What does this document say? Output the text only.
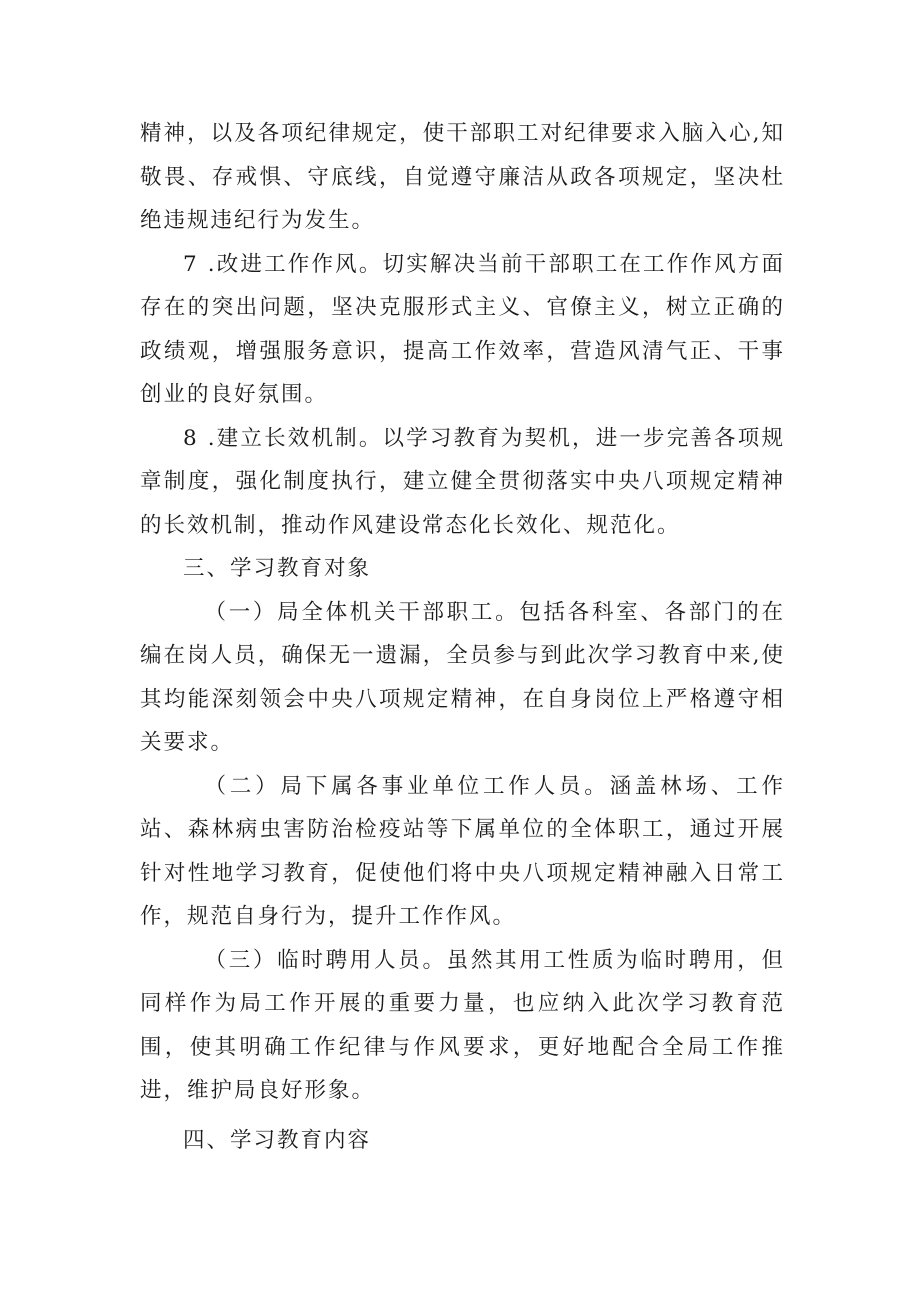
精神，以及各项纪律规定，使干部职工对纪律要求入脑入心,知敬畏、存戒惧、守底线，自觉遵守廉洁从政各项规定，坚决杜绝违规违纪行为发生。

7 .改进工作作风。切实解决当前干部职工在工作作风方面存在的突出问题，坚决克服形式主义、官僚主义，树立正确的政绩观，增强服务意识，提高工作效率，营造风清气正、干事创业的良好氛围。

8 .建立长效机制。以学习教育为契机，进一步完善各项规章制度，强化制度执行，建立健全贯彻落实中央八项规定精神的长效机制，推动作风建设常态化长效化、规范化。

三、学习教育对象

（一）局全体机关干部职工。包括各科室、各部门的在编在岗人员，确保无一遗漏，全员参与到此次学习教育中来,使其均能深刻领会中央八项规定精神，在自身岗位上严格遵守相关要求。

（二）局下属各事业单位工作人员。涵盖林场、工作站、森林病虫害防治检疫站等下属单位的全体职工，通过开展针对性地学习教育，促使他们将中央八项规定精神融入日常工作，规范自身行为，提升工作作风。

（三）临时聘用人员。虽然其用工性质为临时聘用，但同样作为局工作开展的重要力量，也应纳入此次学习教育范围，使其明确工作纪律与作风要求，更好地配合全局工作推进，维护局良好形象。

四、学习教育内容
